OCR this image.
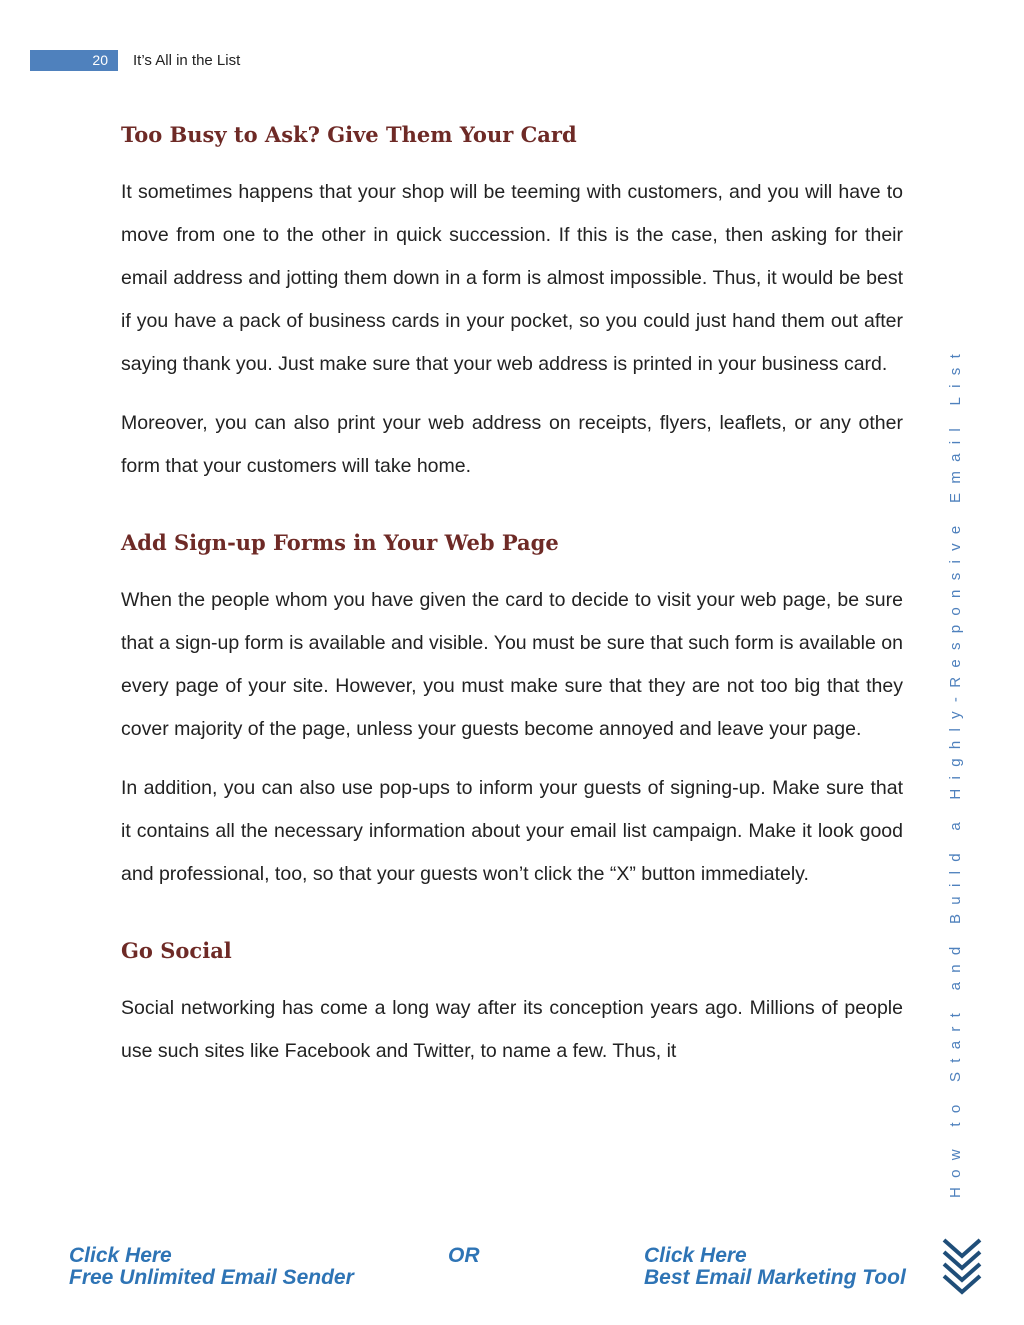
20	It’s All in the List
Too Busy to Ask? Give Them Your Card

It sometimes happens that your shop will be teeming with customers, and you will have to move from one to the other in quick succession. If this is the case, then asking for their email address and jotting them down in a form is almost impossible. Thus, it would be best if you have a pack of business cards in your pocket, so you could just hand them out after saying thank you. Just make sure that your web address is printed in your business card.

Moreover, you can also print your web address on receipts, flyers, leaflets, or any other form that your customers will take home.

Add Sign-up Forms in Your Web Page

When the people whom you have given the card to decide to visit your web page, be sure that a sign-up form is available and visible. You must be sure that such form is available on every page of your site. However, you must make sure that they are not too big that they cover majority of the page, unless your guests become annoyed and leave your page.

In addition, you can also use pop-ups to inform your guests of signing-up. Make sure that it contains all the necessary information about your email list campaign. Make it look good and professional, too, so that your guests won’t click the “X” button immediately.

Go Social

Social networking has come a long way after its conception years ago. Millions of people use such sites like Facebook and Twitter, to name a few. Thus, it	How to Start and Build a Highly-Responsive Email List
Click Here
Free Unlimited Email Sender
OR	Click Here
Best Email Marketing Tool
